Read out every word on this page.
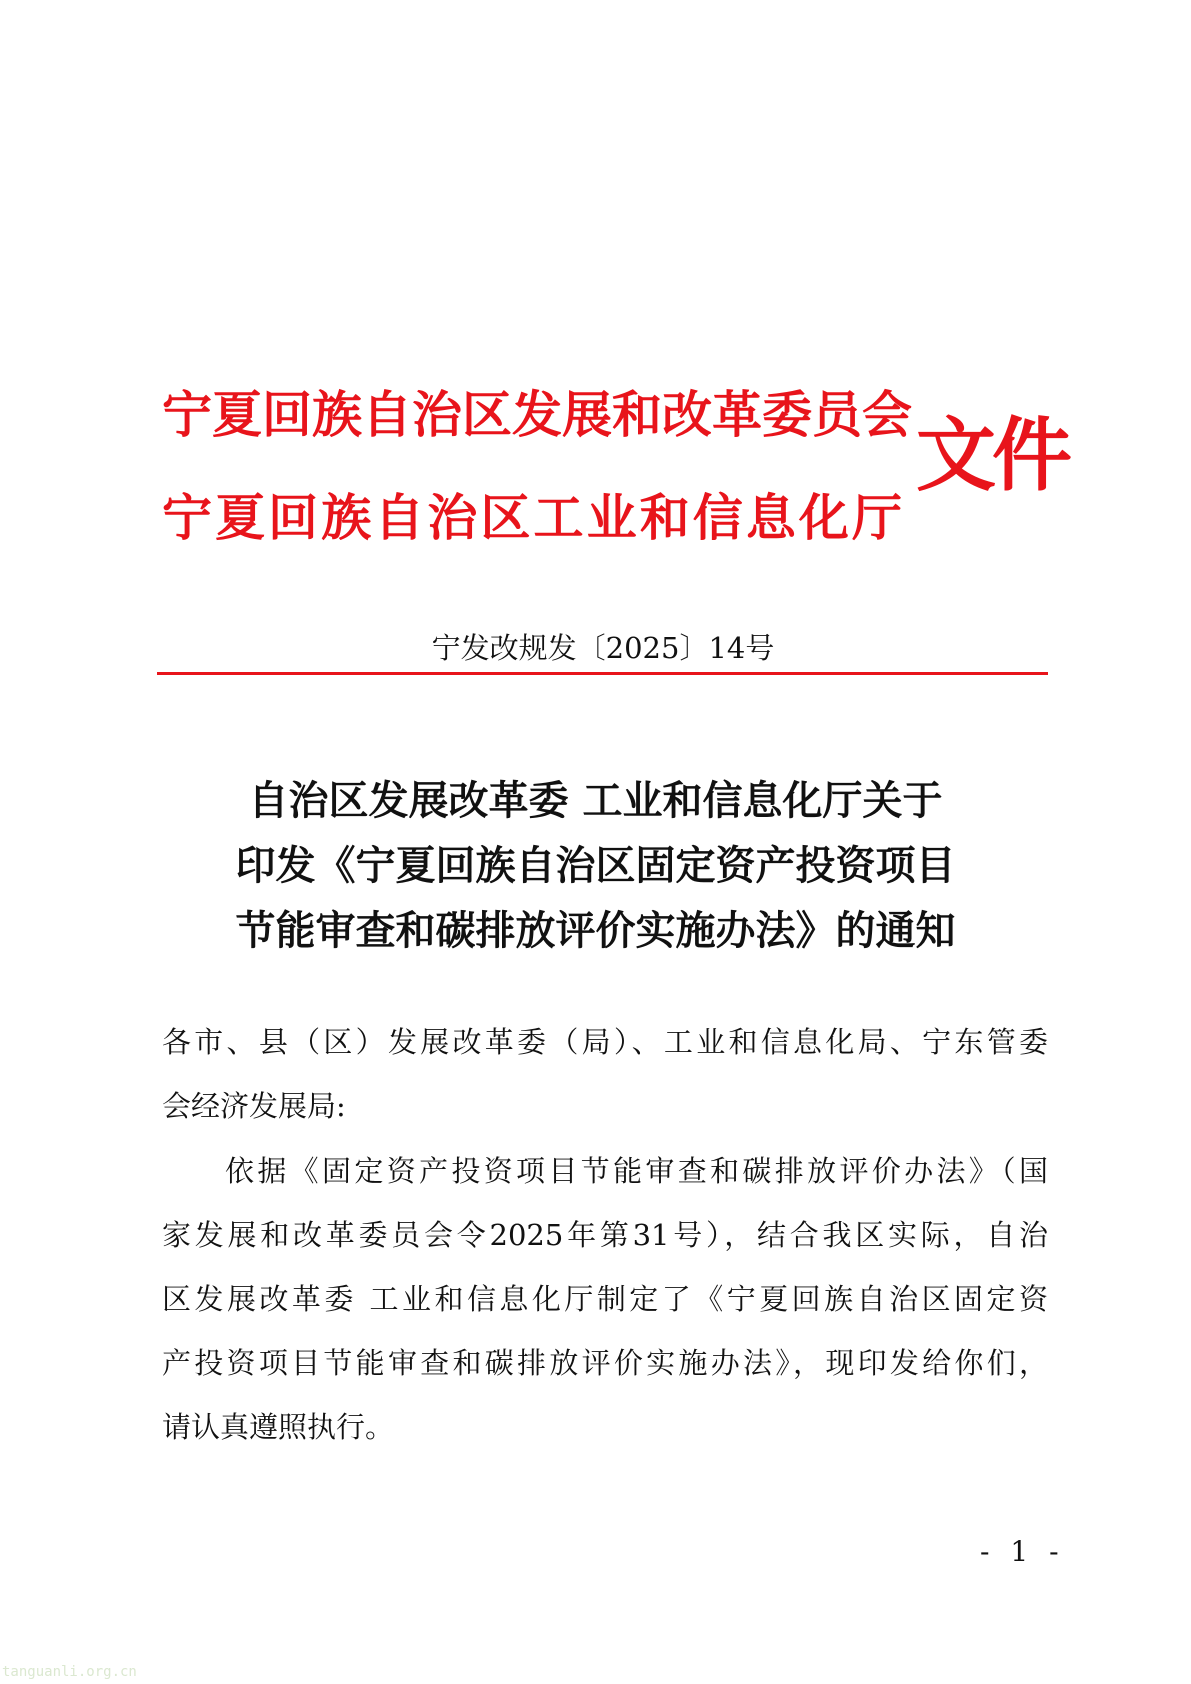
宁夏回族自治区发展和改革委员会
宁夏回族自治区工业和信息化厅
文件
宁发改规发〔2025〕14号
自治区发展改革委 工业和信息化厅关于
印发《宁夏回族自治区固定资产投资项目
节能审查和碳排放评价实施办法》的通知
各市、县（区）发展改革委（局）、工业和信息化局、宁东管委
会经济发展局:
依据《固定资产投资项目节能审查和碳排放评价办法》（国
家发展和改革委员会令2025年第31号），结合我区实际，自治
区发展改革委 工业和信息化厅制定了《宁夏回族自治区固定资
产投资项目节能审查和碳排放评价实施办法》，现印发给你们，
请认真遵照执行。
- 1 -
tanguanli.org.cn
